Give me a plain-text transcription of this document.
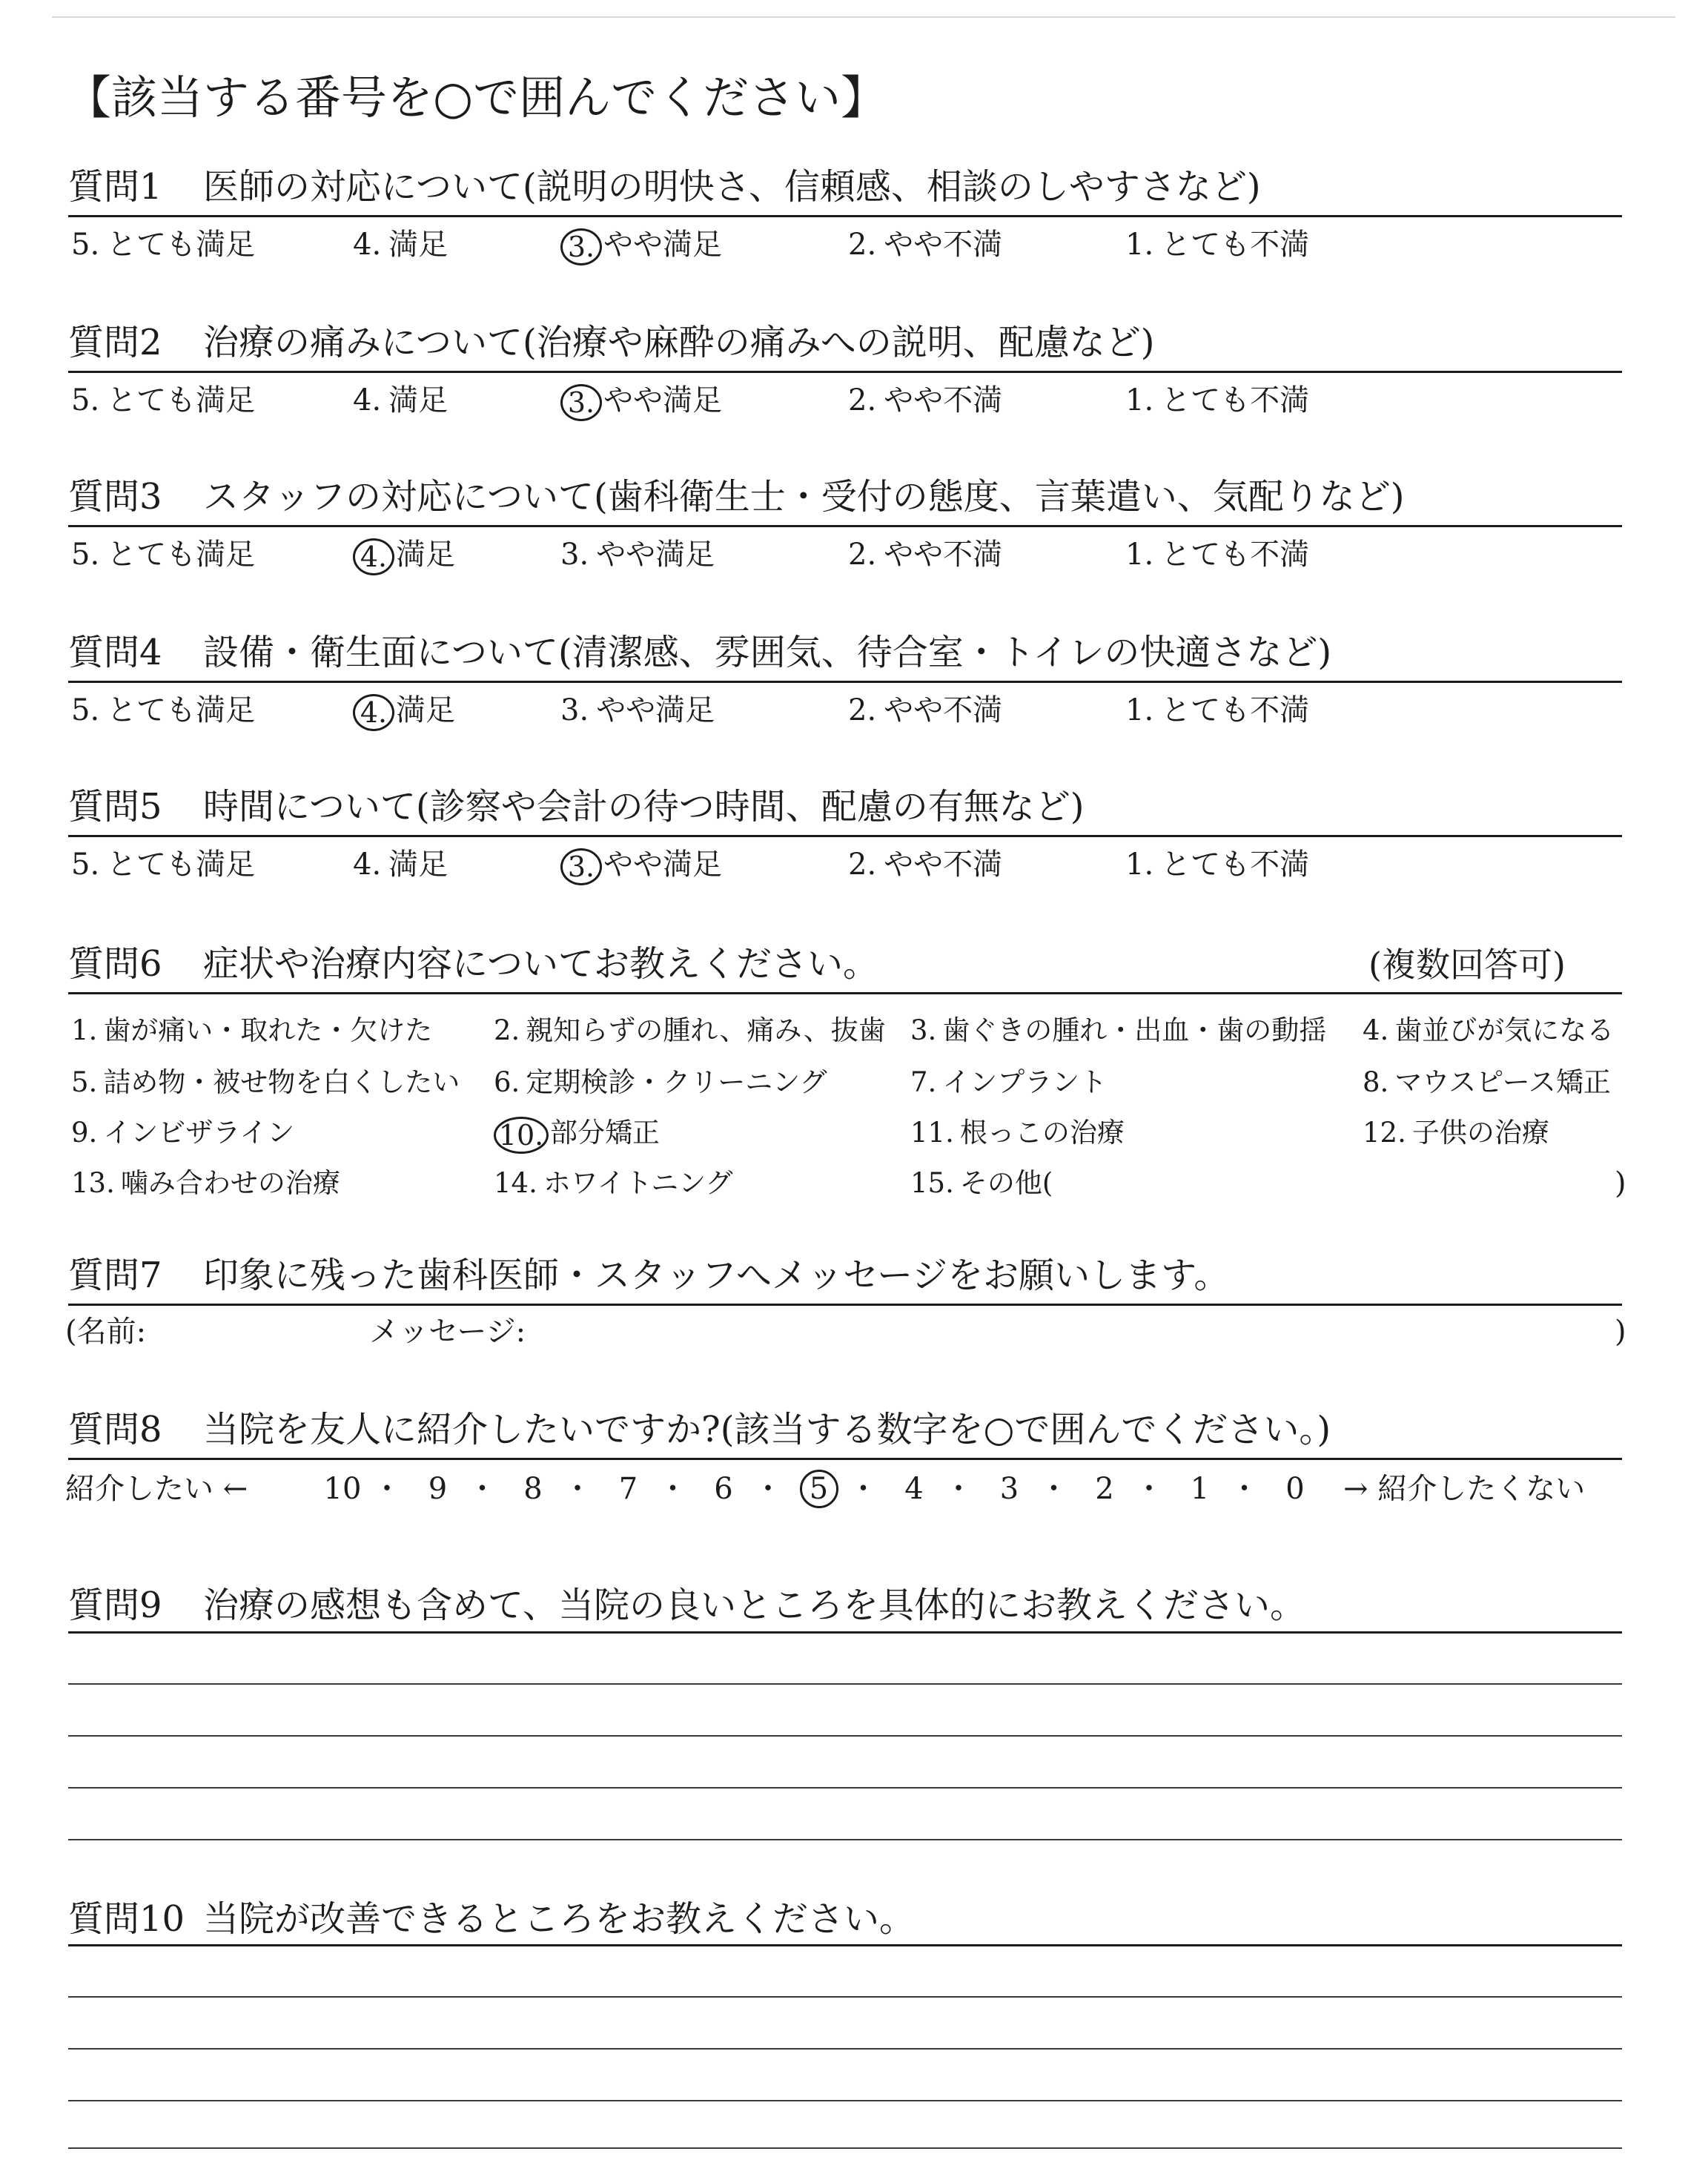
【該当する番号を○で囲んでください】
質問1 医師の対応について(説明の明快さ、信頼感、相談のしやすさなど)
5. とても満足	4. 満足	3. やや満足	2. やや不満	1. とても不満
質問2 治療の痛みについて(治療や麻酔の痛みへの説明、配慮など)
5. とても満足	4. 満足	3. やや満足	2. やや不満	1. とても不満
質問3 スタッフの対応について(歯科衛生士・受付の態度、言葉遣い、気配りなど)
5. とても満足	4. 満足	3. やや満足	2. やや不満	1. とても不満
質問4 設備・衛生面について(清潔感、雰囲気、待合室・トイレの快適さなど)
5. とても満足	4. 満足	3. やや満足	2. やや不満	1. とても不満
質問5 時間について(診察や会計の待つ時間、配慮の有無など)
5. とても満足	4. 満足	3. やや満足	2. やや不満	1. とても不満
質問6 症状や治療内容についてお教えください。	(複数回答可)
1. 歯が痛い・取れた・欠けた 2. 親知らずの腫れ、痛み、抜歯 3. 歯ぐきの腫れ・出血・歯の動揺 4. 歯並びが気になる
5. 詰め物・被せ物を白くしたい 6. 定期検診・クリーニング	7. インプラント	8. マウスピース矯正
9. インビザライン	10. 部分矯正	11. 根っこの治療	12. 子供の治療
13. 噛み合わせの治療	14. ホワイトニング	15. その他(	)
質問7 印象に残った歯科医師・スタッフへメッセージをお願いします。
(名前:	メッセージ:	)
質問8 当院を友人に紹介したいですか?(該当する数字を○で囲んでください。)
紹介したい ←	10 ・ 9 ・ 8 ・ 7 ・ 6 ・ 5 ・ 4 ・ 3 ・ 2 ・ 1 ・ 0	→ 紹介したくない
質問9 治療の感想も含めて、当院の良いところを具体的にお教えください。
質問10 当院が改善できるところをお教えください。
